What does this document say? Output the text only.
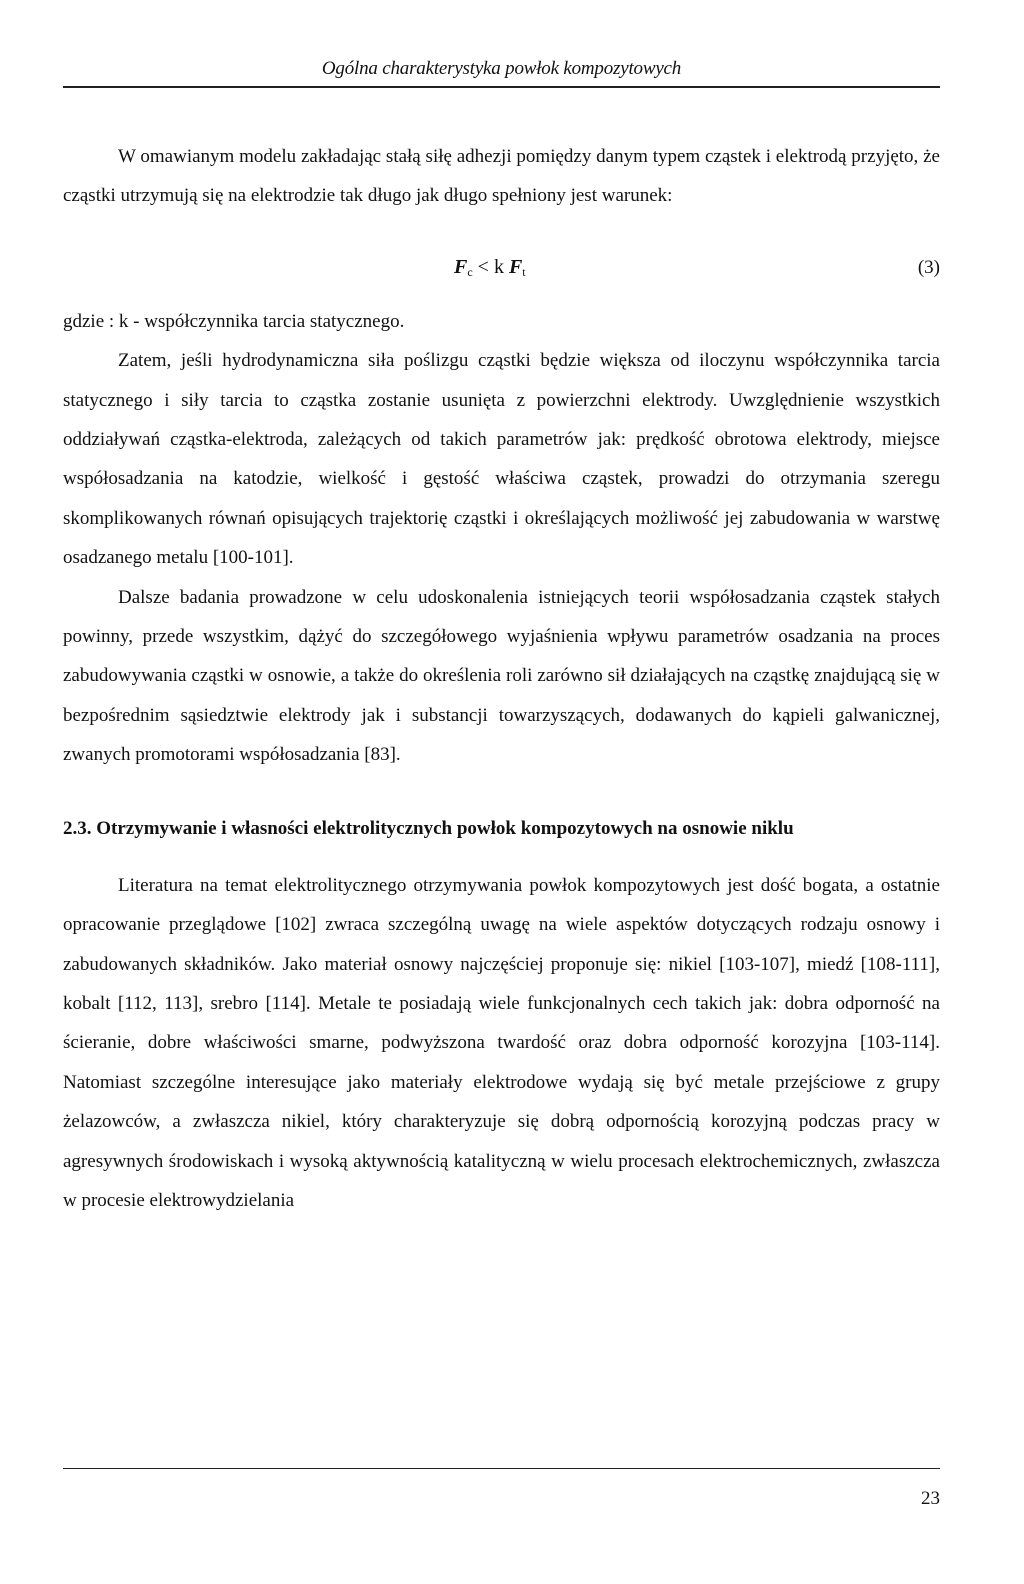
Ogólna charakterystyka powłok kompozytowych

W omawianym modelu zakładając stałą siłę adhezji pomiędzy danym typem cząstek i elektrodą przyjęto, że cząstki utrzymują się na elektrodzie tak długo jak długo spełniony jest warunek:

$F_c < k$ $F_t$	(3)

gdzie : k - współczynnika tarcia statycznego.

Zatem, jeśli hydrodynamiczna siła poślizgu cząstki będzie większa od iloczynu współczynnika tarcia statycznego i siły tarcia to cząstka zostanie usunięta z powierzchni elektrody. Uwzględnienie wszystkich oddziaływań cząstka-elektroda, zależących od takich parametrów jak: prędkość obrotowa elektrody, miejsce współosadzania na katodzie, wielkość i gęstość właściwa cząstek, prowadzi do otrzymania szeregu skomplikowanych równań opisujących trajektorię cząstki i określających możliwość jej zabudowania w warstwę osadzanego metalu [100-101].

Dalsze badania prowadzone w celu udoskonalenia istniejących teorii współosadzania cząstek stałych powinny, przede wszystkim, dążyć do szczegółowego wyjaśnienia wpływu parametrów osadzania na proces zabudowywania cząstki w osnowie, a także do określenia roli zarówno sił działających na cząstkę znajdującą się w bezpośrednim sąsiedztwie elektrody jak i substancji towarzyszących, dodawanych do kąpieli galwanicznej, zwanych promotorami współosadzania [83].

2.3. Otrzymywanie i własności elektrolitycznych powłok kompozytowych na osnowie niklu

Literatura na temat elektrolitycznego otrzymywania powłok kompozytowych jest dość bogata, a ostatnie opracowanie przeglądowe [102] zwraca szczególną uwagę na wiele aspektów dotyczących rodzaju osnowy i zabudowanych składników. Jako materiał osnowy najczęściej proponuje się: nikiel [103-107], miedź [108-111], kobalt [112, 113], srebro [114]. Metale te posiadają wiele funkcjonalnych cech takich jak: dobra odporność na ścieranie, dobre właściwości smarne, podwyższona twardość oraz dobra odporność korozyjna [103-114]. Natomiast szczególne interesujące jako materiały elektrodowe wydają się być metale przejściowe z grupy żelazowców, a zwłaszcza nikiel, który charakteryzuje się dobrą odpornością korozyjną podczas pracy w agresywnych środowiskach i wysoką aktywnością katalityczną w wielu procesach elektrochemicznych, zwłaszcza w procesie elektrowydzielania

23
